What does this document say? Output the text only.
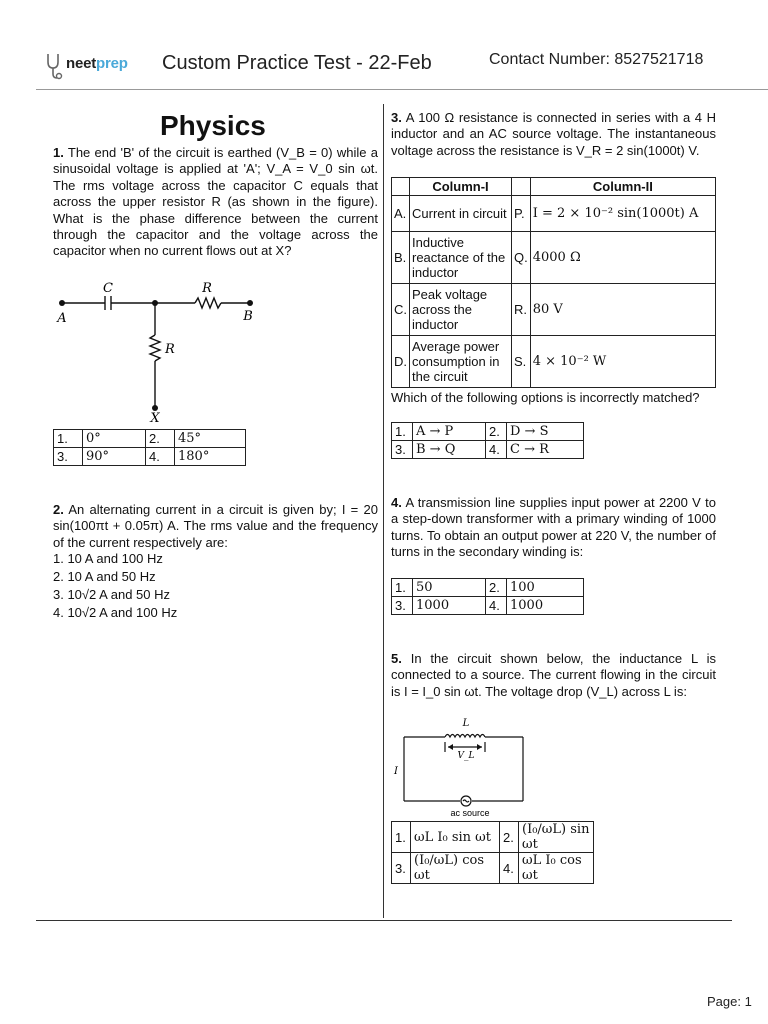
neetprep Custom Practice Test - 22-Feb	Contact Number: 8527521718
Physics
1. The end 'B' of the circuit is earthed (V_B = 0) while a sinusoidal voltage is applied at 'A'; V_A = V_0 sin ωt. The rms voltage across the capacitor C equals that across the upper resistor R (as shown in the figure). What is the phase difference between the current through the capacitor and the voltage across the capacitor when no current flows out at X?
C	R
R
A	B
X
1.	0°	2.	45°
3.	90°	4.	180°
2. An alternating current in a circuit is given by; I = 20 sin(100πt + 0.05π) A. The rms value and the frequency of the current respectively are:
1. 10 A and 100 Hz
2. 10 A and 50 Hz
3. 10√2 A and 50 Hz
4. 10√2 A and 100 Hz
3. A 100 Ω resistance is connected in series with a 4 H inductor and an AC source voltage. The instantaneous voltage across the resistance is V_R = 2 sin(1000t) V.
	Column-I		Column-II
A.	Current in circuit	P.	I = 2 × 10⁻² sin(1000t) A
B.	Inductive reactance of the inductor	Q.	4000 Ω
C.	Peak voltage across the inductor	R.	80 V
D.	Average power consumption in the circuit	S.	4 × 10⁻² W
Which of the following options is incorrectly matched?
1.	A → P	2.	D → S
3.	B → Q	4.	C → R
4. A transmission line supplies input power at 2200 V to a step-down transformer with a primary winding of 1000 turns. To obtain an output power at 220 V, the number of turns in the secondary winding is:
1.	50	2.	100
3.	1000	4.	1000
5. In the circuit shown below, the inductance L is connected to a source. The current flowing in the circuit is I = I_0 sin ωt. The voltage drop (V_L) across L is:
L
V_L
I
ac source
1.	ωL I₀ sin ωt	2.	(I₀/ωL) sin ωt
3.	(I₀/ωL) cos ωt	4.	ωL I₀ cos ωt
Page: 1
